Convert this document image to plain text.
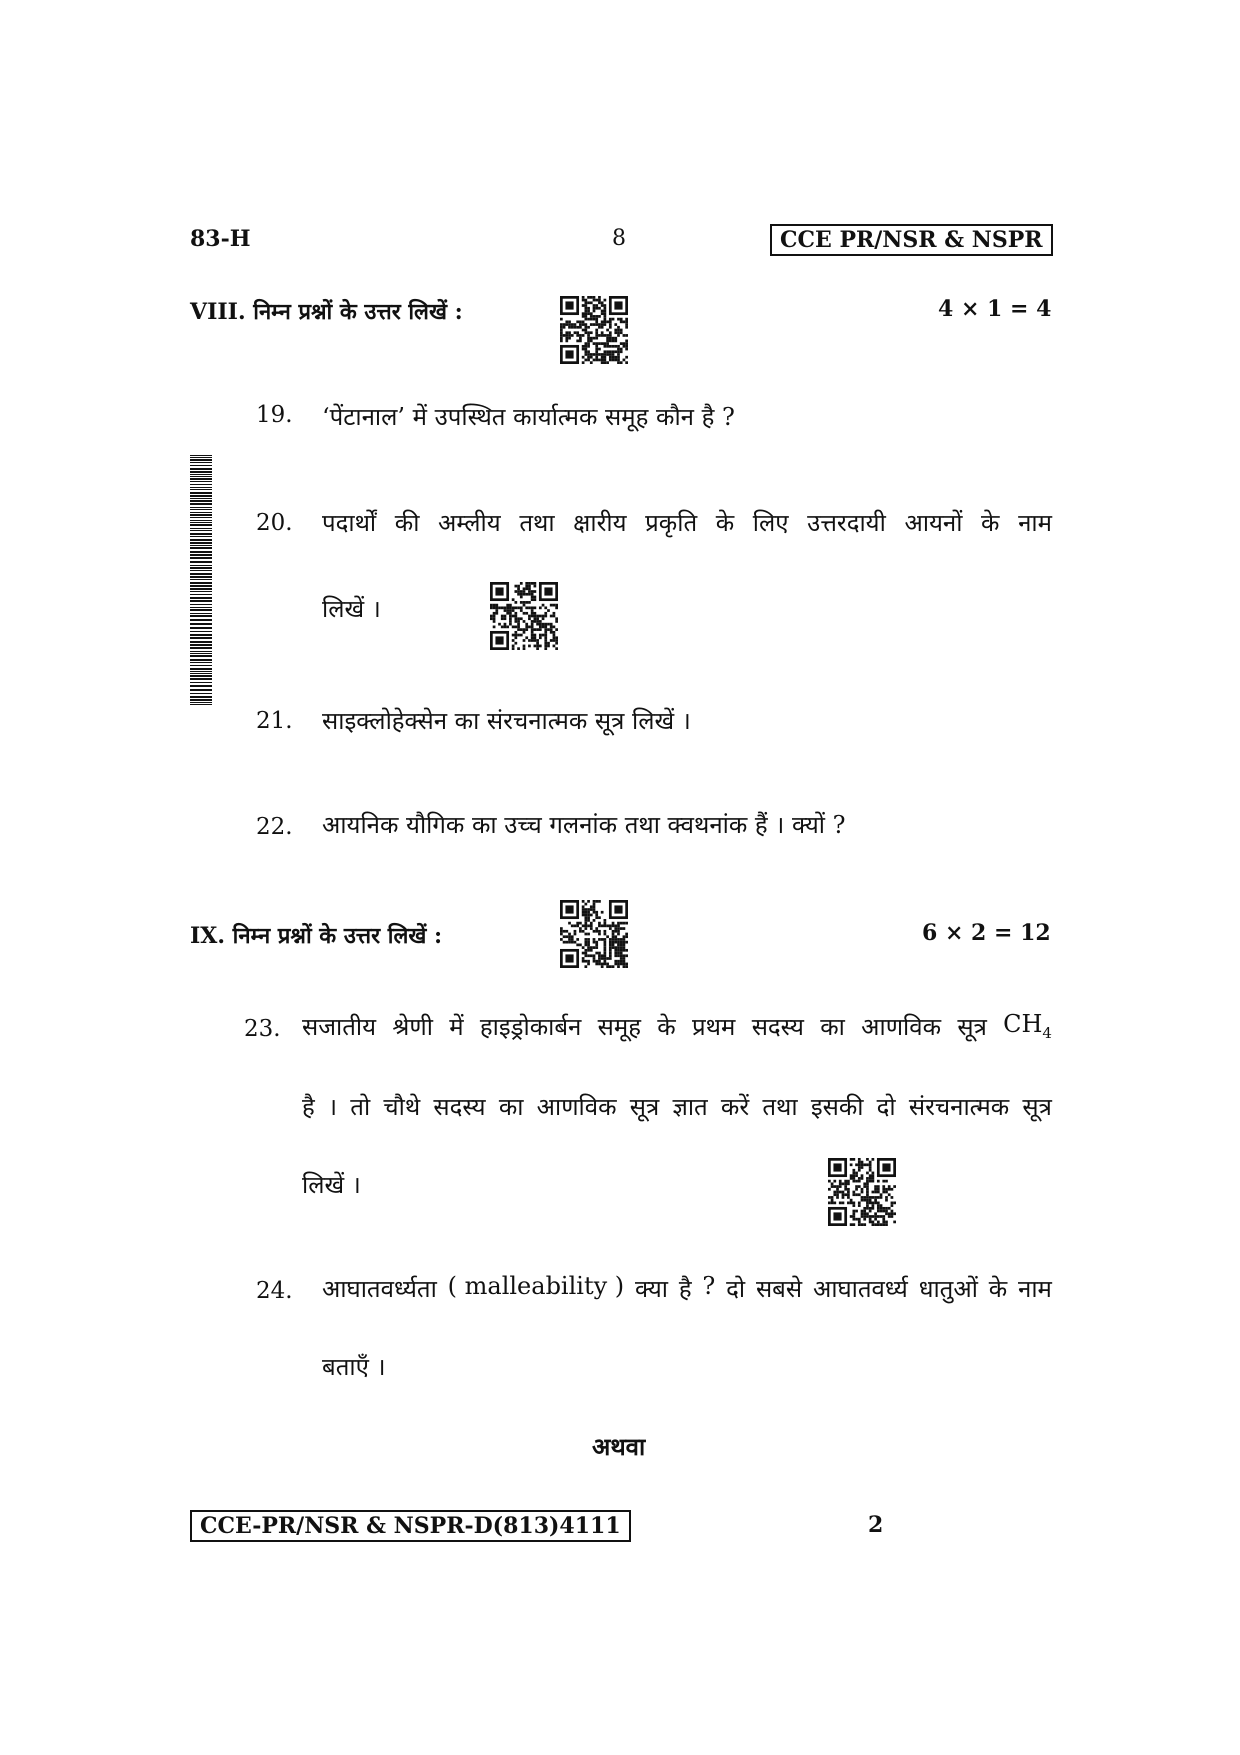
83-H	8	CCE PR/NSR & NSPR
VIII. निम्न प्रश्नों के उत्तर लिखें :	4 × 1 = 4
19. ‘पेंटानाल’ में उपस्थित कार्यात्मक समूह कौन है ?
20. पदार्थों की अम्लीय तथा क्षारीय प्रकृति के लिए उत्तरदायी आयनों के नाम
लिखें ।
21. साइक्लोहेक्सेन का संरचनात्मक सूत्र लिखें ।
22. आयनिक यौगिक का उच्च गलनांक तथा क्वथनांक हैं । क्यों ?
IX. निम्न प्रश्नों के उत्तर लिखें :	6 × 2 = 12
23. सजातीय श्रेणी में हाइड्रोकार्बन समूह के प्रथम सदस्य का आणविक सूत्र $CH_4$
है । तो चौथे सदस्य का आणविक सूत्र ज्ञात करें तथा इसकी दो संरचनात्मक सूत्र
लिखें ।
24. आघातवर्ध्यता ( malleability ) क्या है ? दो सबसे आघातवर्ध्य धातुओं के नाम
बताएँ ।
अथवा
CCE-PR/NSR & NSPR-D(813)4111	2
